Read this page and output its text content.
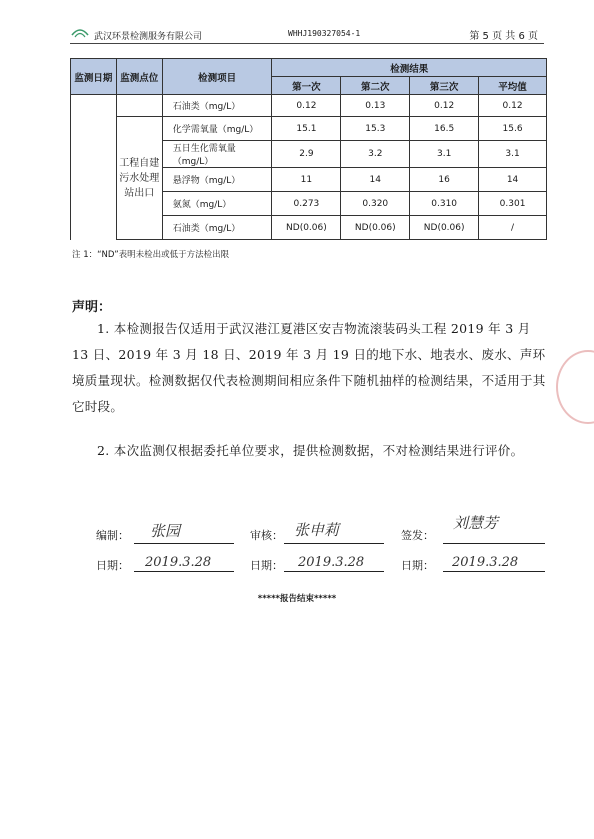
武汉环景检测服务有限公司	WHHJ190327054-1	第 5 页 共 6 页
监测日期	监测点位	检测项目	检测结果			
			第一次	第二次	第三次	平均值
		石油类（mg/L）	0.12	0.13	0.12	0.12
	工程自建污水处理站出口	化学需氧量（mg/L）	15.1	15.3	16.5	15.6
		五日生化需氧量（mg/L）	2.9	3.2	3.1	3.1
		悬浮物（mg/L）	11	14	16	14
		氨氮（mg/L）	0.273	0.320	0.310	0.301
		石油类（mg/L）	ND(0.06)	ND(0.06)	ND(0.06)	/
注 1：“ND”表明未检出或低于方法检出限
声明：
1. 本检测报告仅适用于武汉港江夏港区安吉物流滚装码头工程 2019 年 3 月 13 日、2019 年 3 月 18 日、2019 年 3 月 19 日的地下水、地表水、废水、声环境质量现状。检测数据仅代表检测期间相应条件下随机抽样的检测结果，不适用于其它时段。
2. 本次监测仅根据委托单位要求，提供检测数据，不对检测结果进行评价。
编制： 张园	审核： 张申莉	签发：
刘慧芳
日期： 2019.3.28	日期： 2019.3.28	日期： 2019.3.28
*****报告结束*****
